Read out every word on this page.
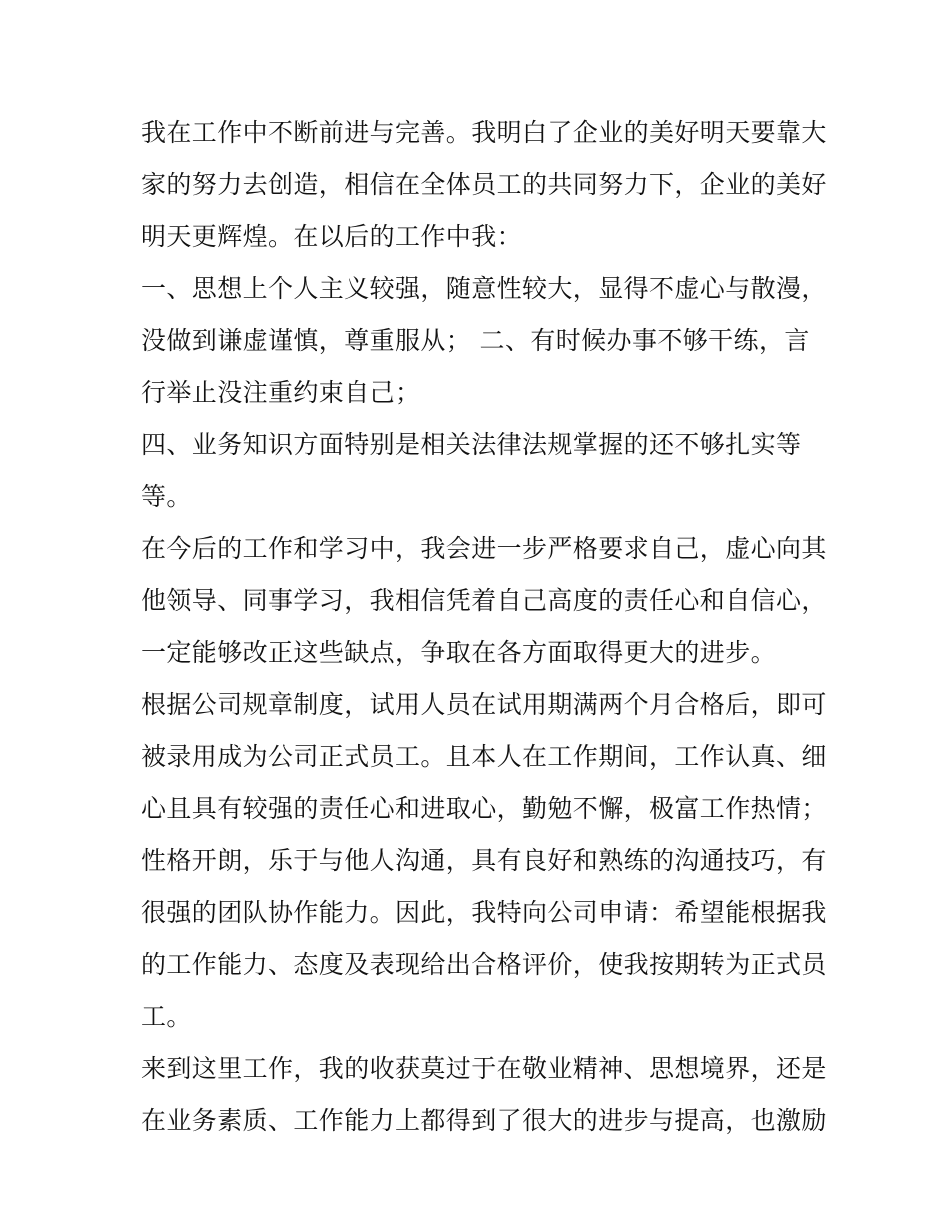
我在工作中不断前进与完善。我明白了企业的美好明天要靠大
家的努力去创造，相信在全体员工的共同努力下，企业的美好
明天更辉煌。在以后的工作中我：
一、思想上个人主义较强，随意性较大，显得不虚心与散漫，
没做到谦虚谨慎，尊重服从； 二、有时候办事不够干练，言
行举止没注重约束自己；
四、业务知识方面特别是相关法律法规掌握的还不够扎实等
等。
在今后的工作和学习中，我会进一步严格要求自己，虚心向其
他领导、同事学习，我相信凭着自己高度的责任心和自信心，
一定能够改正这些缺点，争取在各方面取得更大的进步。
根据公司规章制度，试用人员在试用期满两个月合格后，即可
被录用成为公司正式员工。且本人在工作期间，工作认真、细
心且具有较强的责任心和进取心，勤勉不懈，极富工作热情；
性格开朗，乐于与他人沟通，具有良好和熟练的沟通技巧，有
很强的团队协作能力。因此，我特向公司申请：希望能根据我
的工作能力、态度及表现给出合格评价，使我按期转为正式员
工。
来到这里工作，我的收获莫过于在敬业精神、思想境界，还是
在业务素质、工作能力上都得到了很大的进步与提高，也激励
